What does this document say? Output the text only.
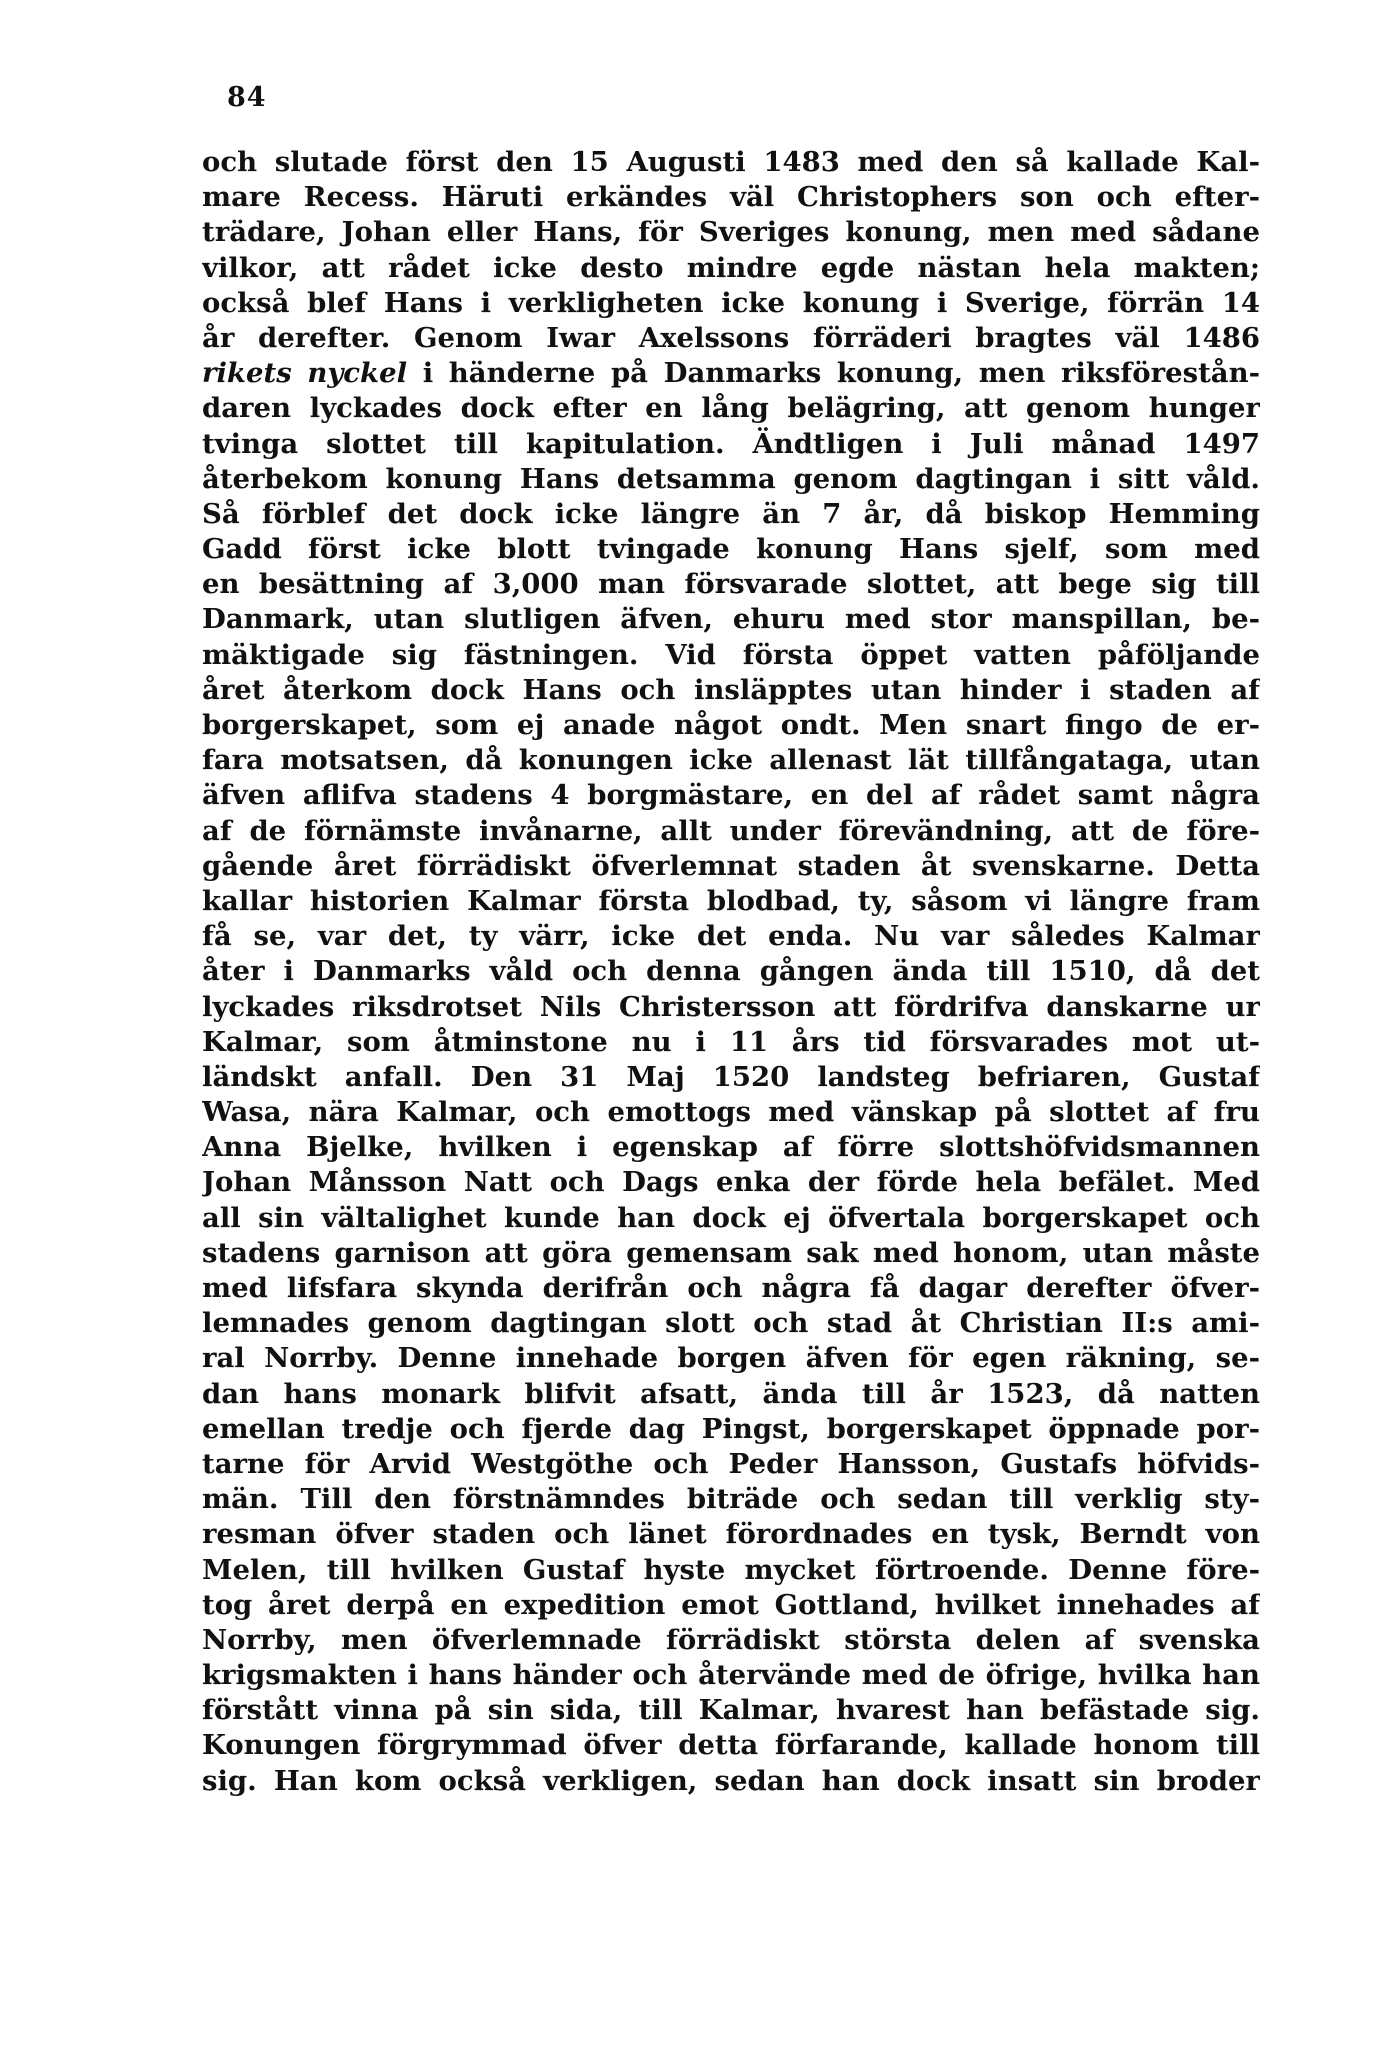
84
och slutade först den 15 Augusti 1483 med den så kallade Kal-
mare Recess. Häruti erkändes väl Christophers son och efter-
trädare, Johan eller Hans, för Sveriges konung, men med sådane
vilkor, att rådet icke desto mindre egde nästan hela makten;
också blef Hans i verkligheten icke konung i Sverige, förrän 14
år derefter. Genom Iwar Axelssons förräderi bragtes väl 1486
rikets nyckel i händerne på Danmarks konung, men riksförestån-
daren lyckades dock efter en lång belägring, att genom hunger
tvinga slottet till kapitulation. Ändtligen i Juli månad 1497
återbekom konung Hans detsamma genom dagtingan i sitt våld.
Så förblef det dock icke längre än 7 år, då biskop Hemming
Gadd först icke blott tvingade konung Hans sjelf, som med
en besättning af 3,000 man försvarade slottet, att bege sig till
Danmark, utan slutligen äfven, ehuru med stor manspillan, be-
mäktigade sig fästningen. Vid första öppet vatten påföljande
året återkom dock Hans och insläpptes utan hinder i staden af
borgerskapet, som ej anade något ondt. Men snart fingo de er-
fara motsatsen, då konungen icke allenast lät tillfångataga, utan
äfven aflifva stadens 4 borgmästare, en del af rådet samt några
af de förnämste invånarne, allt under förevändning, att de före-
gående året förrädiskt öfverlemnat staden åt svenskarne. Detta
kallar historien Kalmar första blodbad, ty, såsom vi längre fram
få se, var det, ty värr, icke det enda. Nu var således Kalmar
åter i Danmarks våld och denna gången ända till 1510, då det
lyckades riksdrotset Nils Christersson att fördrifva danskarne ur
Kalmar, som åtminstone nu i 11 års tid försvarades mot ut-
ländskt anfall. Den 31 Maj 1520 landsteg befriaren, Gustaf
Wasa, nära Kalmar, och emottogs med vänskap på slottet af fru
Anna Bjelke, hvilken i egenskap af förre slottshöfvidsmannen
Johan Månsson Natt och Dags enka der förde hela befälet. Med
all sin vältalighet kunde han dock ej öfvertala borgerskapet och
stadens garnison att göra gemensam sak med honom, utan måste
med lifsfara skynda derifrån och några få dagar derefter öfver-
lemnades genom dagtingan slott och stad åt Christian II:s ami-
ral Norrby. Denne innehade borgen äfven för egen räkning, se-
dan hans monark blifvit afsatt, ända till år 1523, då natten
emellan tredje och fjerde dag Pingst, borgerskapet öppnade por-
tarne för Arvid Westgöthe och Peder Hansson, Gustafs höfvids-
män. Till den förstnämndes biträde och sedan till verklig sty-
resman öfver staden och länet förordnades en tysk, Berndt von
Melen, till hvilken Gustaf hyste mycket förtroende. Denne före-
tog året derpå en expedition emot Gottland, hvilket innehades af
Norrby, men öfverlemnade förrädiskt största delen af svenska
krigsmakten i hans händer och återvände med de öfrige, hvilka han
förstått vinna på sin sida, till Kalmar, hvarest han befästade sig.
Konungen förgrymmad öfver detta förfarande, kallade honom till
sig. Han kom också verkligen, sedan han dock insatt sin broder
